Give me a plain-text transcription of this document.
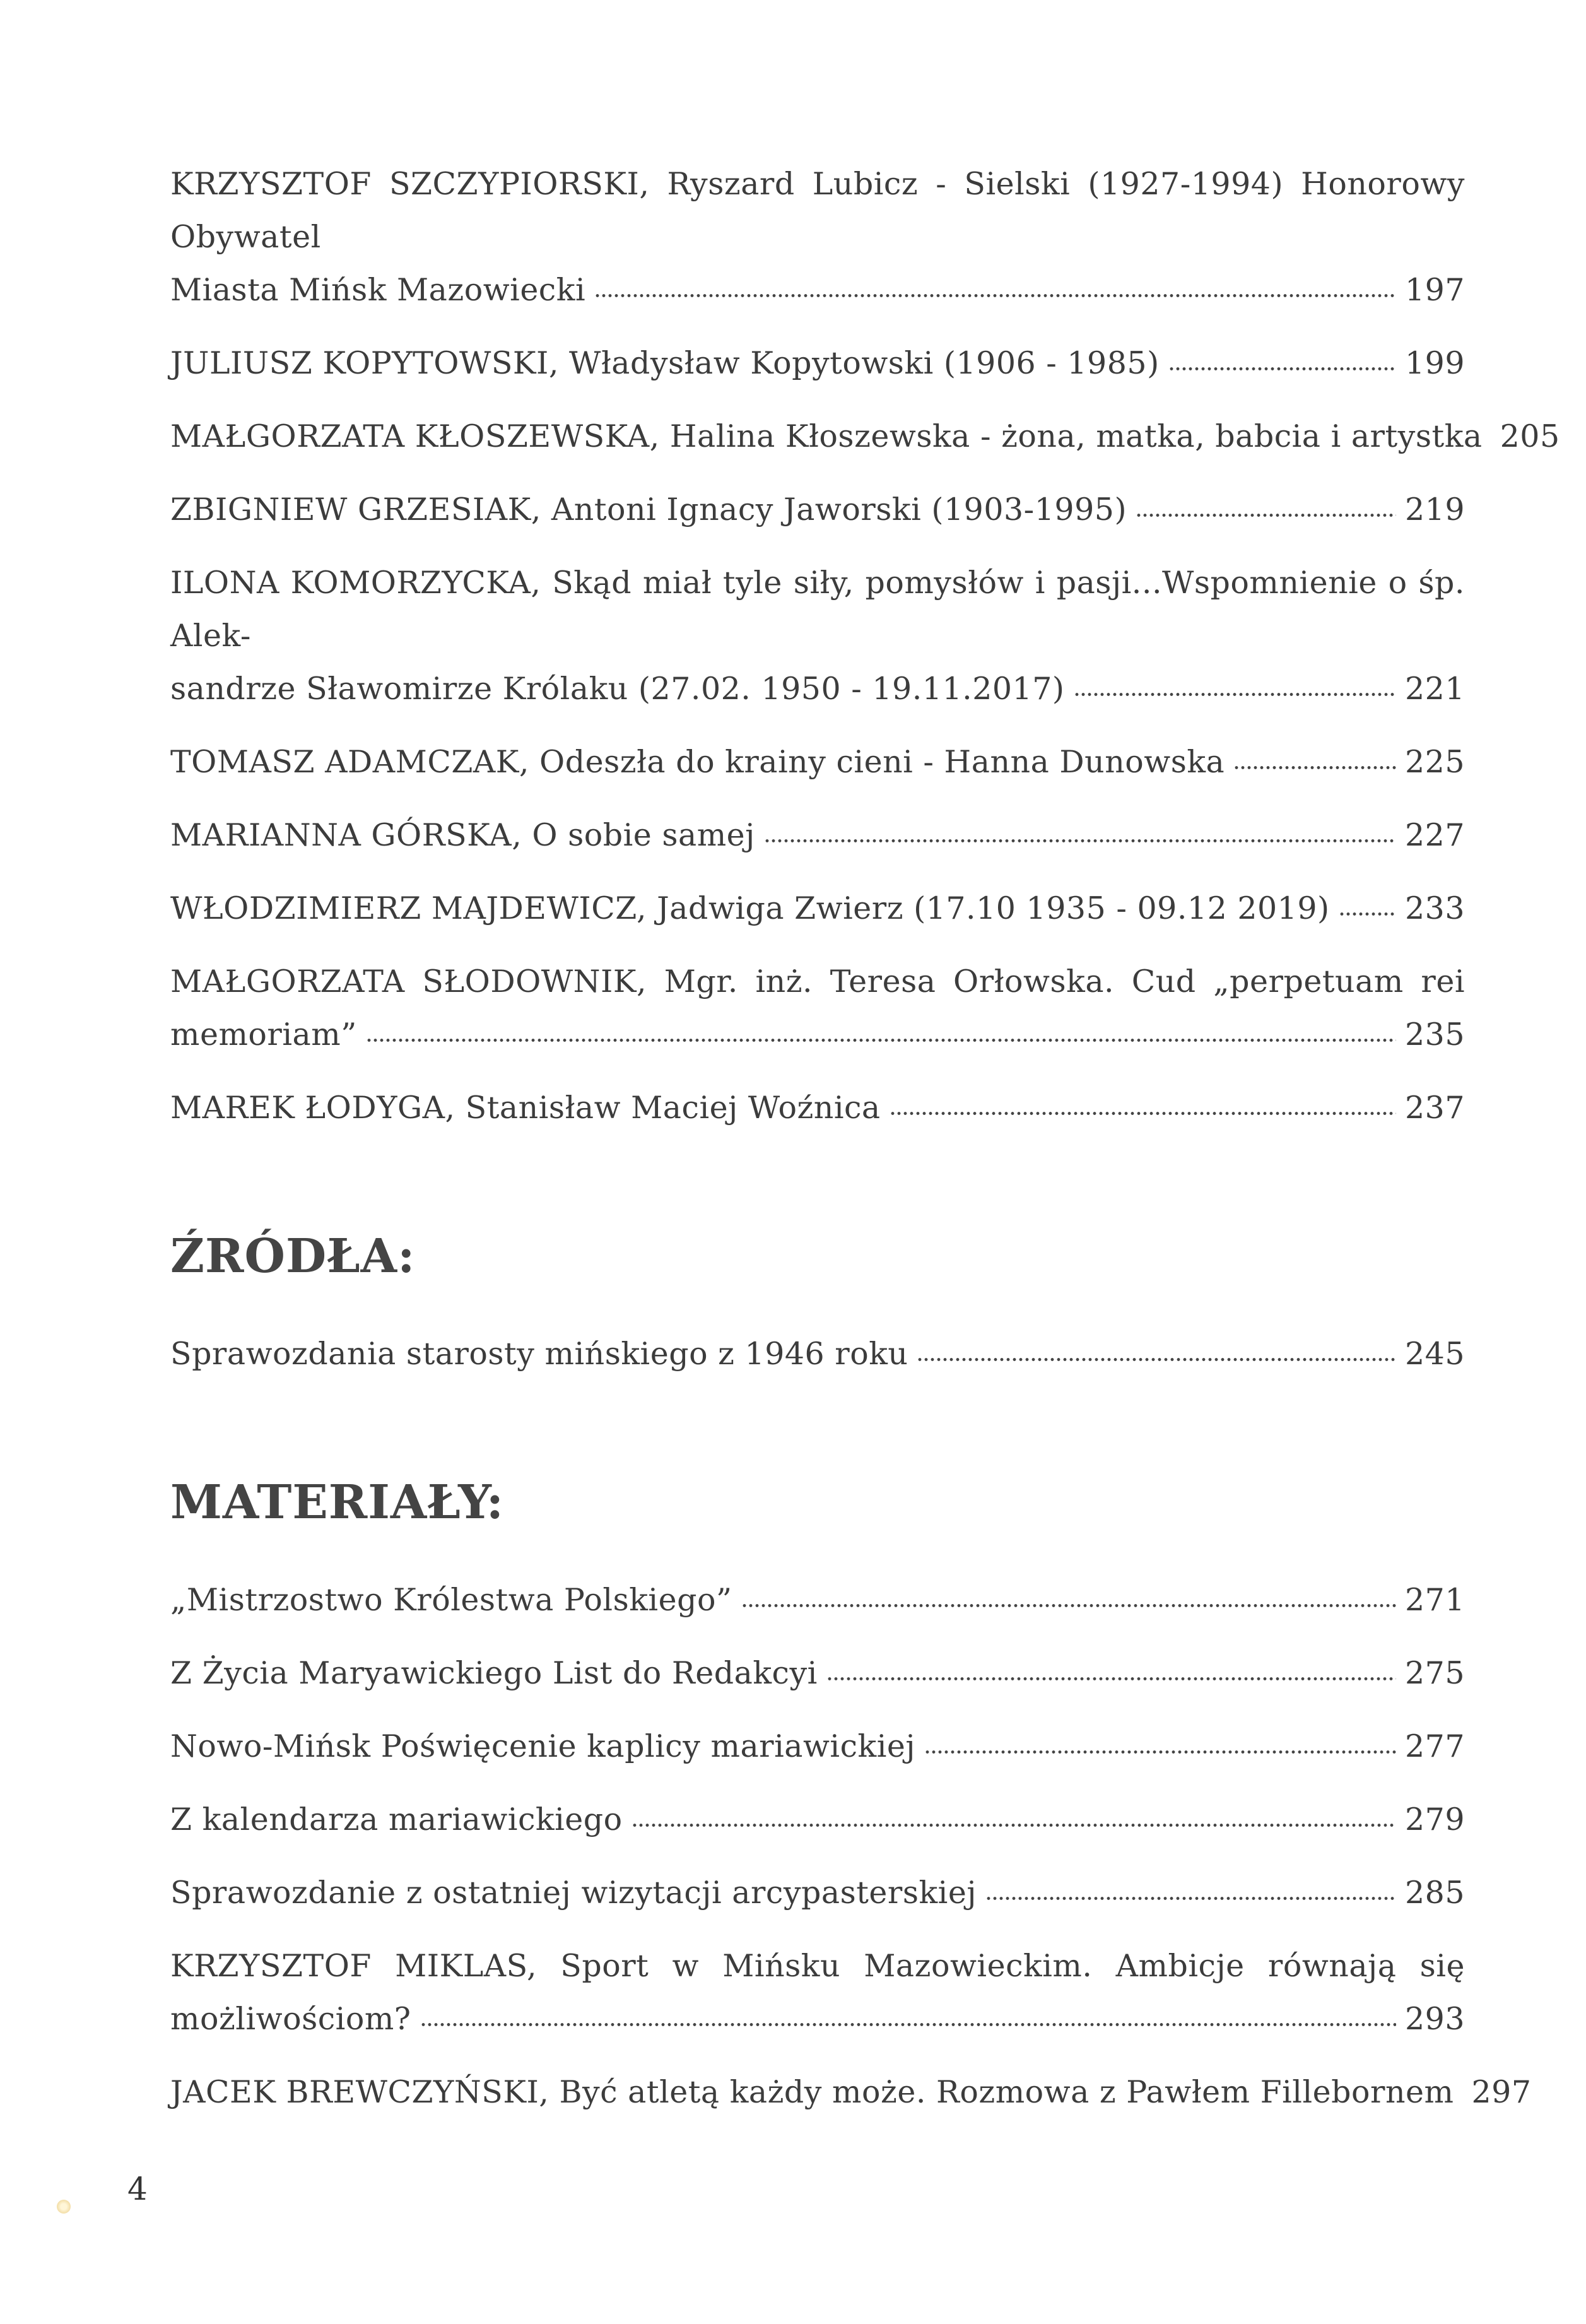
KRZYSZTOF SZCZYPIORSKI, Ryszard Lubicz - Sielski (1927-1994) Honorowy Obywatel
Miasta Mińsk Mazowiecki	197
JULIUSZ KOPYTOWSKI, Władysław Kopytowski (1906 - 1985)	199
MAŁGORZATA KŁOSZEWSKA, Halina Kłoszewska - żona, matka, babcia i artystka 205
ZBIGNIEW GRZESIAK, Antoni Ignacy Jaworski (1903-1995)	219
ILONA KOMORZYCKA, Skąd miał tyle siły, pomysłów i pasji...Wspomnienie o śp. Alek-
sandrze Sławomirze Królaku (27.02. 1950 - 19.11.2017)	221
TOMASZ ADAMCZAK, Odeszła do krainy cieni - Hanna Dunowska	225
MARIANNA GÓRSKA, O sobie samej	227
WŁODZIMIERZ MAJDEWICZ, Jadwiga Zwierz (17.10 1935 - 09.12 2019) 233
MAŁGORZATA SŁODOWNIK, Mgr. inż. Teresa Orłowska. Cud „perpetuam rei
memoriam”	235
MAREK ŁODYGA, Stanisław Maciej Woźnica	237
ŹRÓDŁA:
Sprawozdania starosty mińskiego z 1946 roku	245
MATERIAŁY:
„Mistrzostwo Królestwa Polskiego”	271
Z Życia Maryawickiego List do Redakcyi	275
Nowo-Mińsk Poświęcenie kaplicy mariawickiej	277
Z kalendarza mariawickiego	279
Sprawozdanie z ostatniej wizytacji arcypasterskiej	285
KRZYSZTOF MIKLAS, Sport w Mińsku Mazowieckim. Ambicje równają się
możliwościom?	293
JACEK BREWCZYŃSKI, Być atletą każdy może. Rozmowa z Pawłem Fillebornem 297
4
